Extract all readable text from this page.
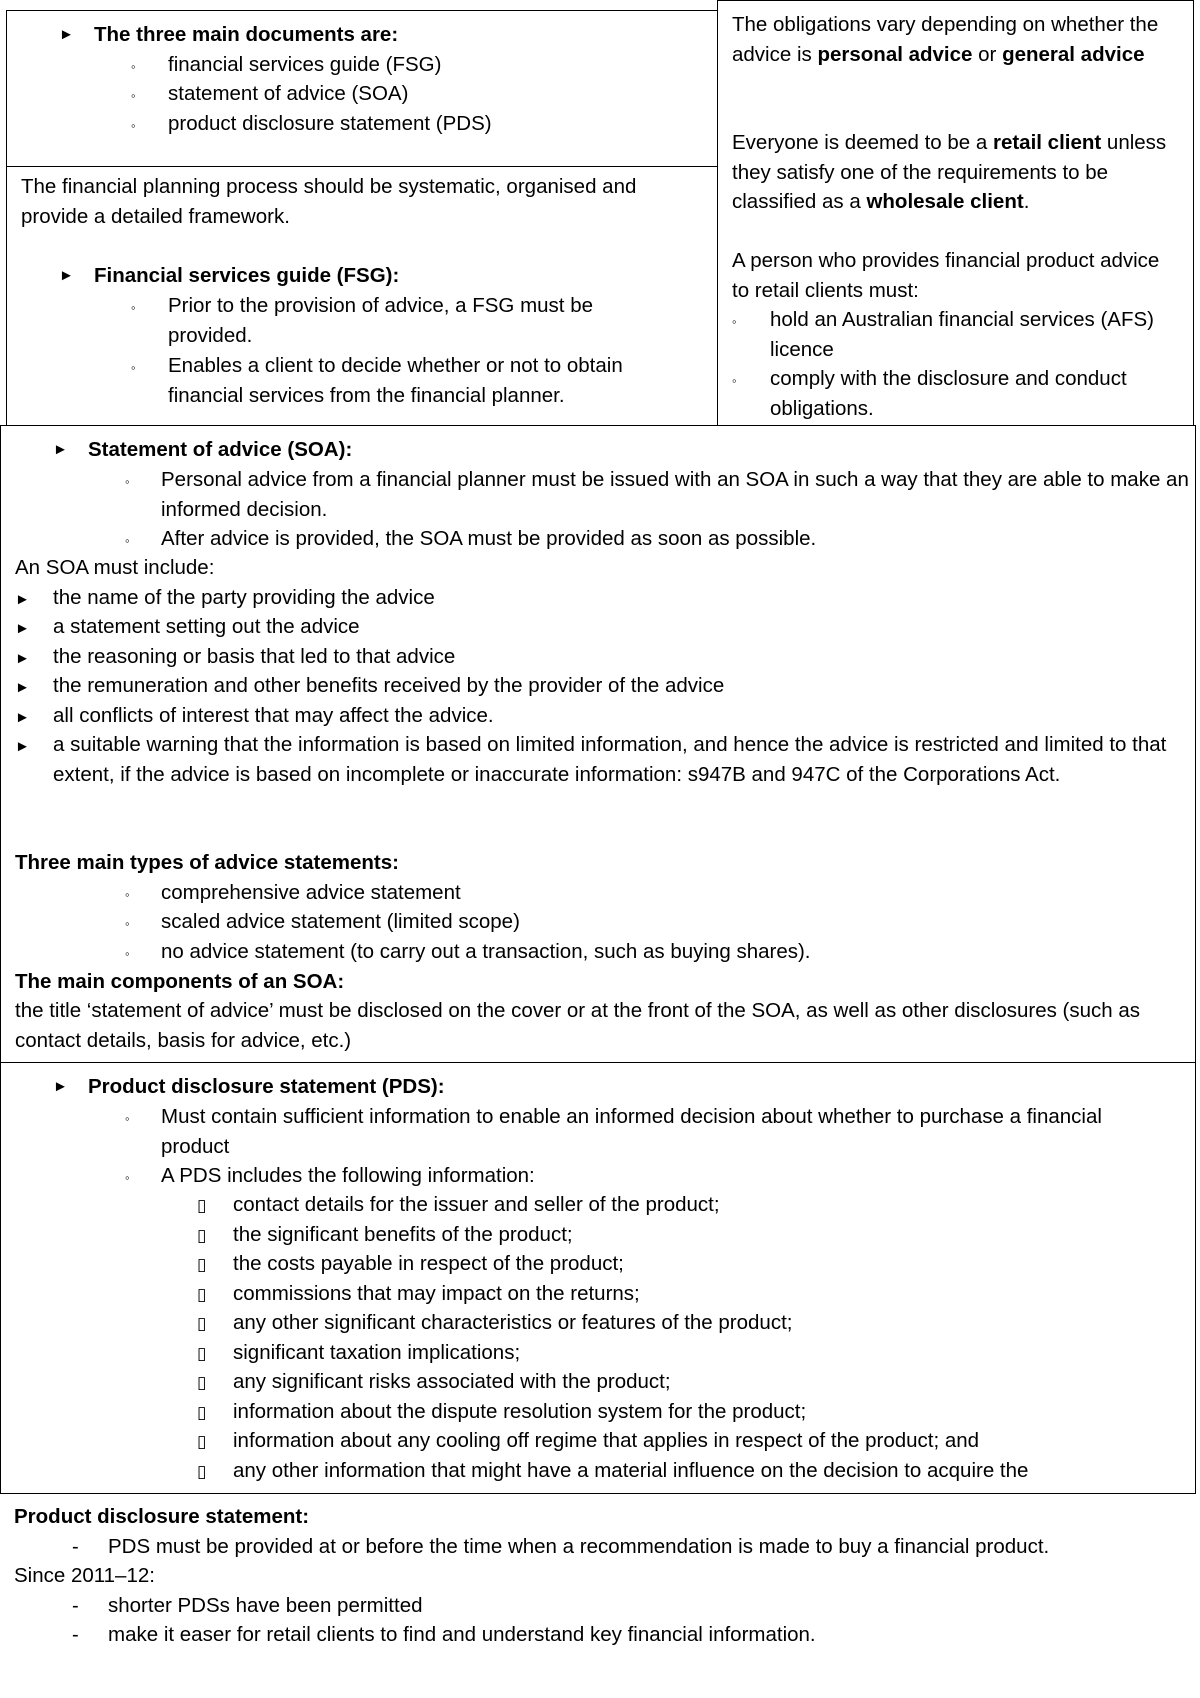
► The three main documents are:
◦ financial services guide (FSG)
◦ statement of advice (SOA)
◦ product disclosure statement (PDS)
The financial planning process should be systematic, organised and provide a detailed framework.
► Financial services guide (FSG):
◦ Prior to the provision of advice, a FSG must be provided.
◦ Enables a client to decide whether or not to obtain financial services from the financial planner.

The obligations vary depending on whether the advice is personal advice or general advice

Everyone is deemed to be a retail client unless they satisfy one of the requirements to be classified as a wholesale client.

A person who provides financial product advice to retail clients must:

◦ hold an Australian financial services (AFS) licence
◦ comply with the disclosure and conduct obligations.
► Statement of advice (SOA):
◦ Personal advice from a financial planner must be issued with an SOA in such a way that they are able to make an informed decision.
◦ After advice is provided, the SOA must be provided as soon as possible.
An SOA must include:
► the name of the party providing the advice
► a statement setting out the advice
► the reasoning or basis that led to that advice
► the remuneration and other benefits received by the provider of the advice
► all conflicts of interest that may affect the advice.
► a suitable warning that the information is based on limited information, and hence the advice is restricted and limited to that extent, if the advice is based on incomplete or inaccurate information: s947B and 947C of the Corporations Act.
Three main types of advice statements:
◦ comprehensive advice statement
◦ scaled advice statement (limited scope)
◦ no advice statement (to carry out a transaction, such as buying shares).
The main components of an SOA:
the title ‘statement of advice’ must be disclosed on the cover or at the front of the SOA, as well as other disclosures (such as contact details, basis for advice, etc.)
► Product disclosure statement (PDS):
◦ Must contain sufficient information to enable an informed decision about whether to purchase a financial product
◦ A PDS includes the following information:
▯ contact details for the issuer and seller of the product;
▯ the significant benefits of the product;
▯ the costs payable in respect of the product;
▯ commissions that may impact on the returns;
▯ any other significant characteristics or features of the product;
▯ significant taxation implications;
▯ any significant risks associated with the product;
▯ information about the dispute resolution system for the product;
▯ information about any cooling off regime that applies in respect of the product; and
▯ any other information that might have a material influence on the decision to acquire the
Product disclosure statement:
- PDS must be provided at or before the time when a recommendation is made to buy a financial product.
Since 2011–12:
- shorter PDSs have been permitted
- make it easer for retail clients to find and understand key financial information.
